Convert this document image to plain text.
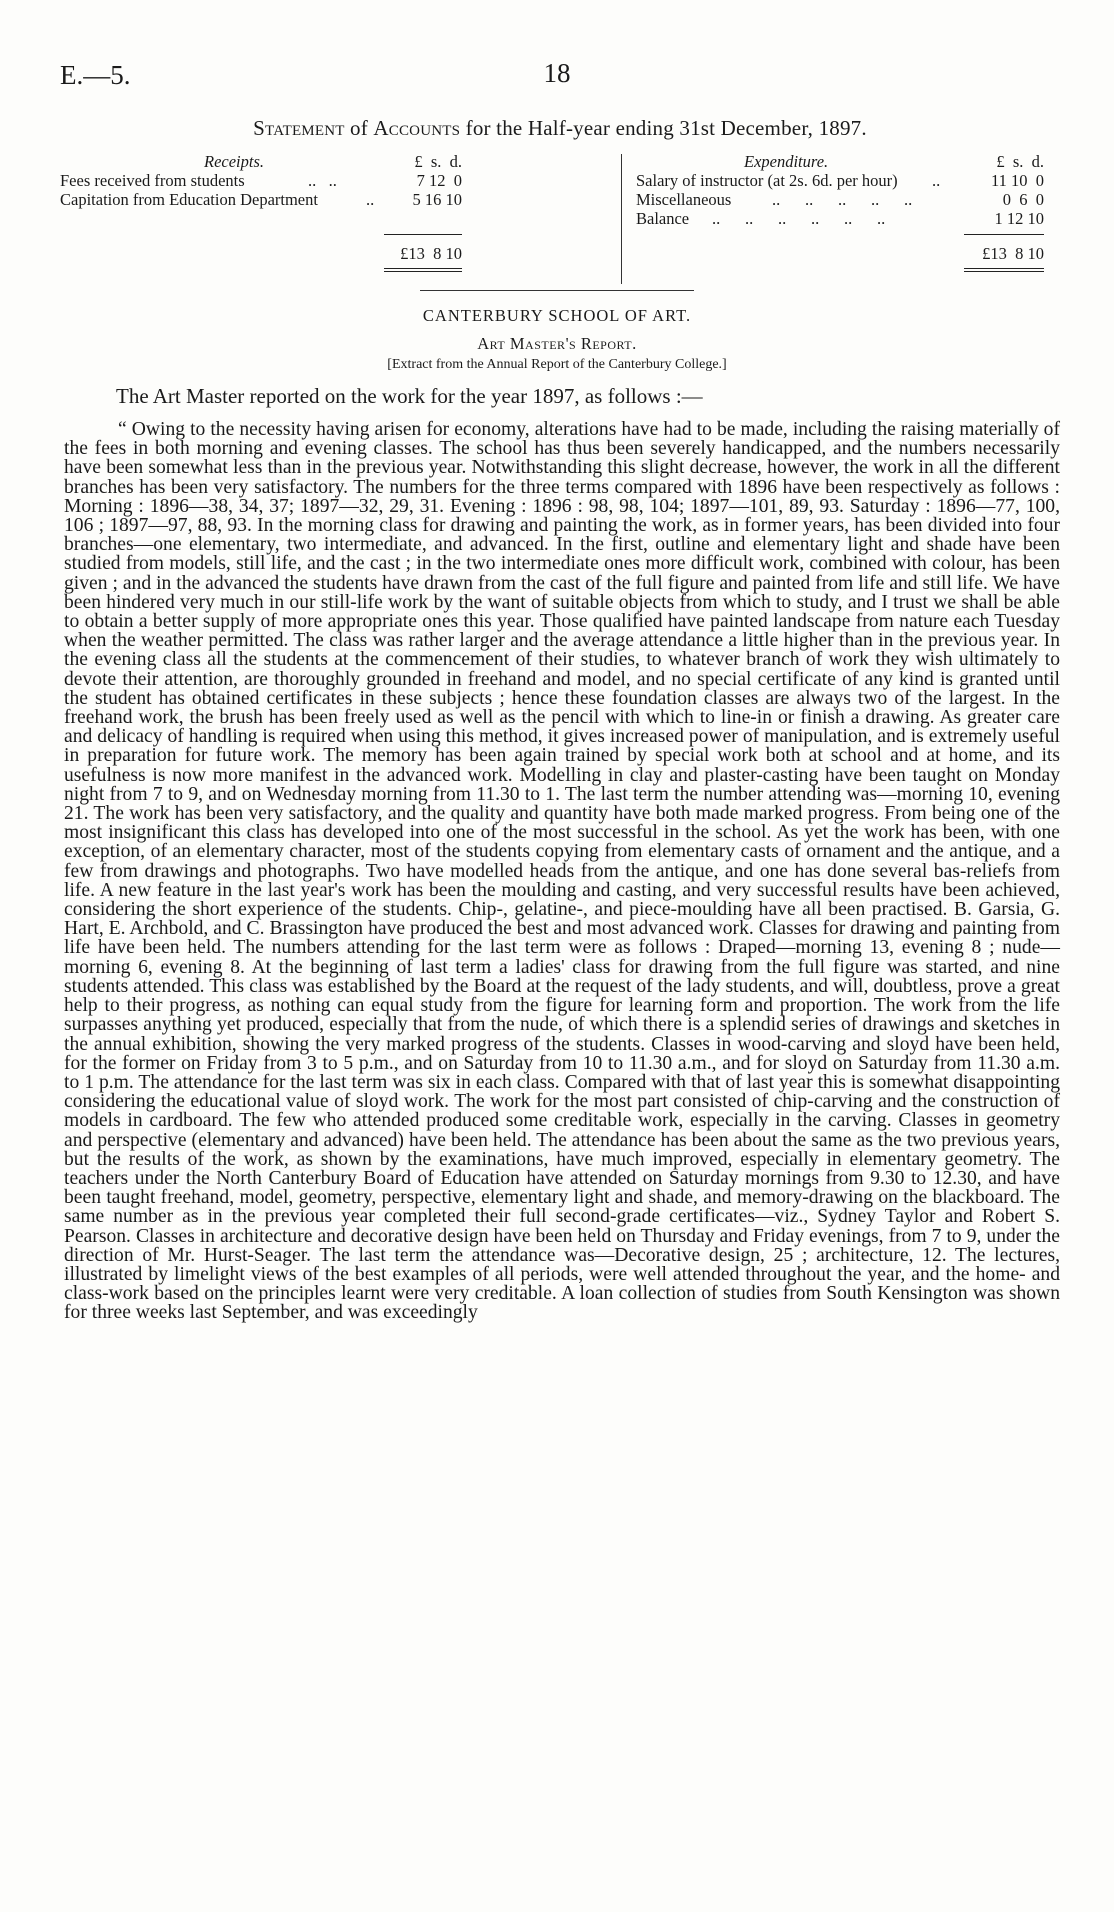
E.—5.	18
Statement of Accounts for the Half-year ending 31st December, 1897.
Receipts.	£  s.  d.
Fees received from students	..   ..	7 12  0
Capitation from Education Department	..	5 16 10
£13  8 10
Expenditure.	£  s.  d.
Salary of instructor (at 2s. 6d. per hour) ..	11 10  0
Miscellaneous ..      ..      ..      ..      ..	0  6  0
Balance ..      ..      ..      ..      ..      ..	1 12 10
£13  8 10
CANTERBURY SCHOOL OF ART.
Art Master's Report.
[Extract from the Annual Report of the Canterbury College.]
The Art Master reported on the work for the year 1897, as follows :—

“ Owing to the necessity having arisen for economy, alterations have had to be made, including the raising materially of the fees in both morning and evening classes. The school has thus been severely handicapped, and the numbers necessarily have been somewhat less than in the previous year. Notwithstanding this slight decrease, however, the work in all the different branches has been very satisfactory. The numbers for the three terms compared with 1896 have been respectively as follows : Morning : 1896—38, 34, 37; 1897—32, 29, 31. Evening : 1896 : 98, 98, 104; 1897—101, 89, 93. Saturday : 1896—77, 100, 106 ; 1897—97, 88, 93. In the morning class for drawing and painting the work, as in former years, has been divided into four branches—one elementary, two intermediate, and advanced. In the first, outline and elementary light and shade have been studied from models, still life, and the cast ; in the two intermediate ones more difficult work, combined with colour, has been given ; and in the advanced the students have drawn from the cast of the full figure and painted from life and still life. We have been hindered very much in our still-life work by the want of suitable objects from which to study, and I trust we shall be able to obtain a better supply of more appropriate ones this year. Those qualified have painted landscape from nature each Tuesday when the weather permitted. The class was rather larger and the average attendance a little higher than in the previous year. In the evening class all the students at the commencement of their studies, to whatever branch of work they wish ultimately to devote their attention, are thoroughly grounded in freehand and model, and no special certificate of any kind is granted until the student has obtained certificates in these subjects ; hence these foundation classes are always two of the largest. In the freehand work, the brush has been freely used as well as the pencil with which to line-in or finish a drawing. As greater care and delicacy of handling is required when using this method, it gives increased power of manipulation, and is extremely useful in preparation for future work. The memory has been again trained by special work both at school and at home, and its usefulness is now more manifest in the advanced work. Modelling in clay and plaster-casting have been taught on Monday night from 7 to 9, and on Wednesday morning from 11.30 to 1. The last term the number attending was—morning 10, evening 21. The work has been very satisfactory, and the quality and quantity have both made marked progress. From being one of the most insignificant this class has developed into one of the most successful in the school. As yet the work has been, with one exception, of an elementary character, most of the students copying from elementary casts of ornament and the antique, and a few from drawings and photographs. Two have modelled heads from the antique, and one has done several bas-reliefs from life. A new feature in the last year's work has been the moulding and casting, and very successful results have been achieved, considering the short experience of the students. Chip-, gelatine-, and piece-moulding have all been practised. B. Garsia, G. Hart, E. Archbold, and C. Brassington have produced the best and most advanced work. Classes for drawing and painting from life have been held. The numbers attending for the last term were as follows : Draped—morning 13, evening 8 ; nude—morning 6, evening 8. At the beginning of last term a ladies' class for drawing from the full figure was started, and nine students attended. This class was established by the Board at the request of the lady students, and will, doubtless, prove a great help to their progress, as nothing can equal study from the figure for learning form and proportion. The work from the life surpasses anything yet produced, especially that from the nude, of which there is a splendid series of drawings and sketches in the annual exhibition, showing the very marked progress of the students. Classes in wood-carving and sloyd have been held, for the former on Friday from 3 to 5 p.m., and on Saturday from 10 to 11.30 a.m., and for sloyd on Saturday from 11.30 a.m. to 1 p.m. The attendance for the last term was six in each class. Compared with that of last year this is somewhat disappointing considering the educational value of sloyd work. The work for the most part consisted of chip-carving and the construction of models in cardboard. The few who attended produced some creditable work, especially in the carving. Classes in geometry and perspective (elementary and advanced) have been held. The attendance has been about the same as the two previous years, but the results of the work, as shown by the examinations, have much improved, especially in elementary geometry. The teachers under the North Canterbury Board of Education have attended on Saturday mornings from 9.30 to 12.30, and have been taught freehand, model, geometry, perspective, elementary light and shade, and memory-drawing on the blackboard. The same number as in the previous year completed their full second-grade certificates—viz., Sydney Taylor and Robert S. Pearson. Classes in architecture and decorative design have been held on Thursday and Friday evenings, from 7 to 9, under the direction of Mr. Hurst-Seager. The last term the attendance was—Decorative design, 25 ; architecture, 12. The lectures, illustrated by limelight views of the best examples of all periods, were well attended throughout the year, and the home- and class-work based on the principles learnt were very creditable. A loan collection of studies from South Kensington was shown for three weeks last September, and was exceedingly
